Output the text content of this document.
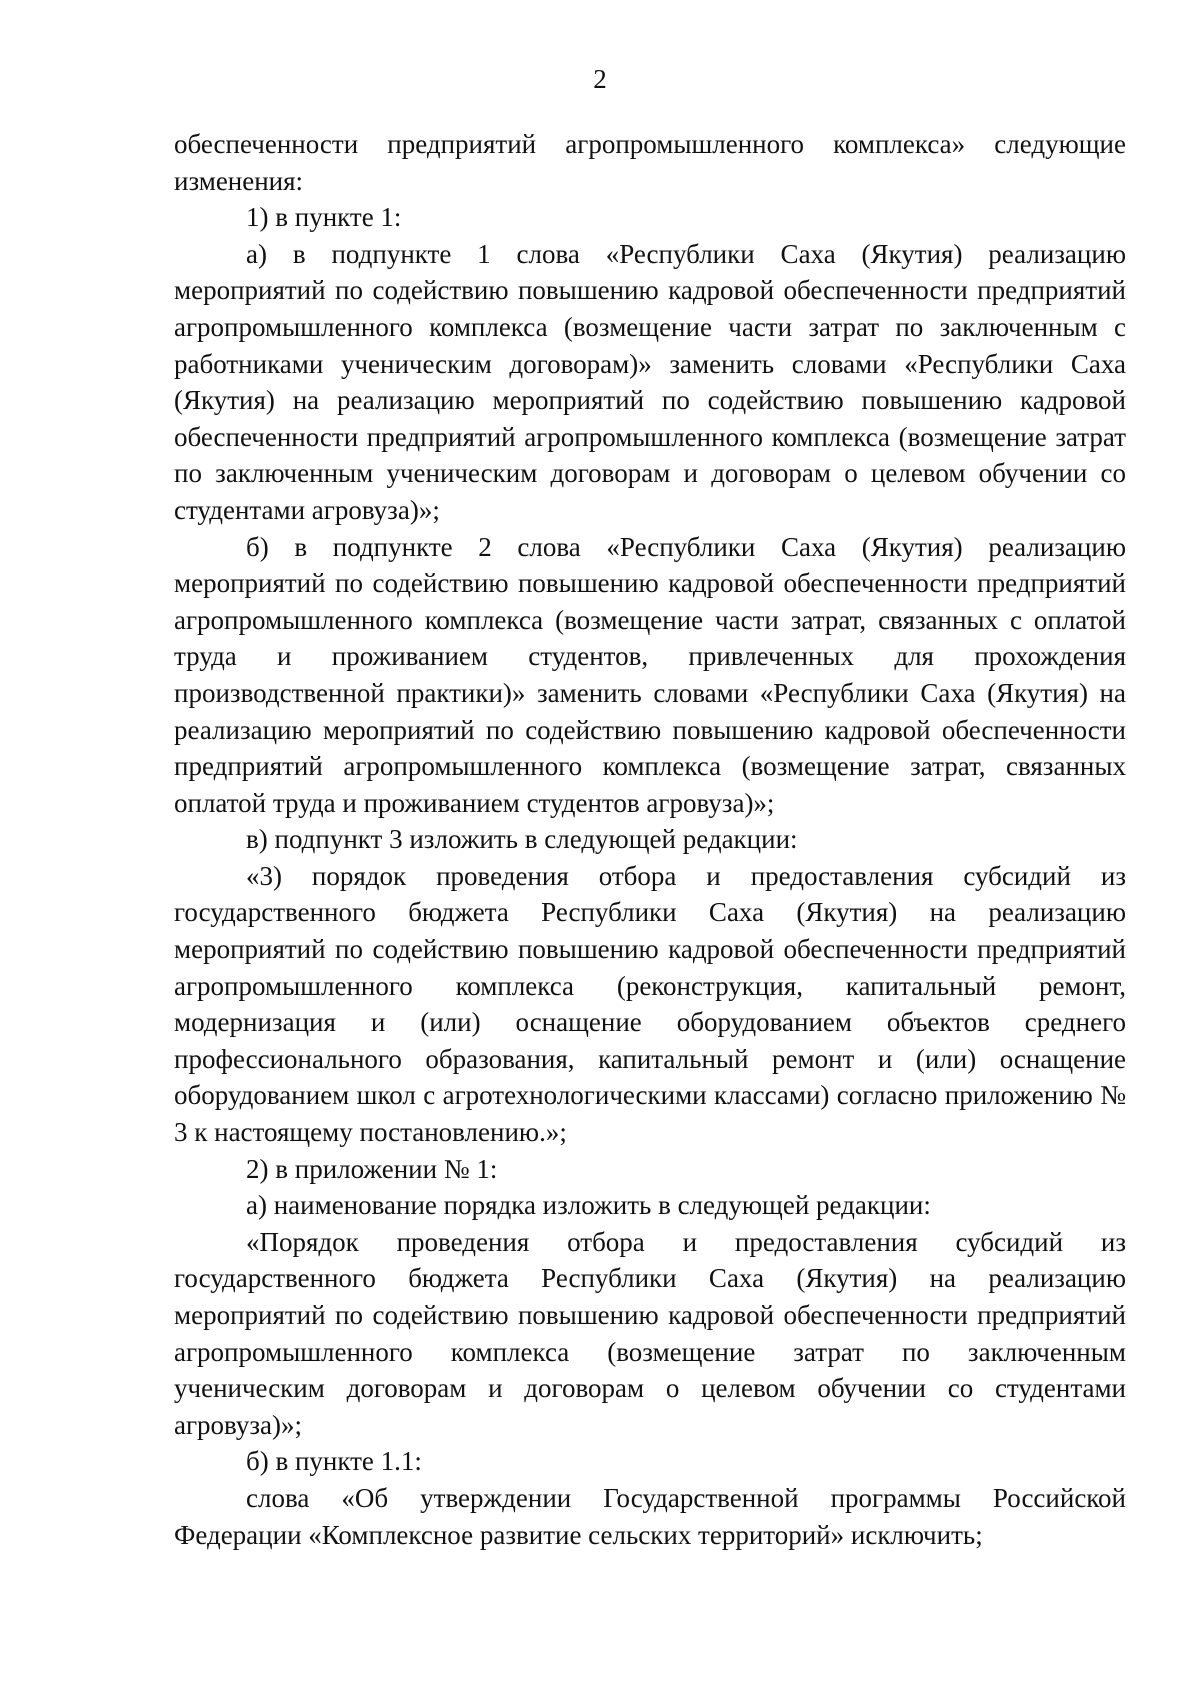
2

обеспеченности предприятий агропромышленного комплекса» следующие изменения:

1) в пункте 1:

а) в подпункте 1 слова «Республики Саха (Якутия) реализацию мероприятий по содействию повышению кадровой обеспеченности предприятий агропромышленного комплекса (возмещение части затрат по заключенным с работниками ученическим договорам)» заменить словами «Республики Саха (Якутия) на реализацию мероприятий по содействию повышению кадровой обеспеченности предприятий агропромышленного комплекса (возмещение затрат по заключенным ученическим договорам и договорам о целевом обучении со студентами агровуза)»;

б) в подпункте 2 слова «Республики Саха (Якутия) реализацию мероприятий по содействию повышению кадровой обеспеченности предприятий агропромышленного комплекса (возмещение части затрат, связанных с оплатой труда и проживанием студентов, привлеченных для прохождения производственной практики)» заменить словами «Республики Саха (Якутия) на реализацию мероприятий по содействию повышению кадровой обеспеченности предприятий агропромышленного комплекса (возмещение затрат, связанных оплатой труда и проживанием студентов агровуза)»;

в) подпункт 3 изложить в следующей редакции:

«3) порядок проведения отбора и предоставления субсидий из государственного бюджета Республики Саха (Якутия) на реализацию мероприятий по содействию повышению кадровой обеспеченности предприятий агропромышленного комплекса (реконструкция, капитальный ремонт, модернизация и (или) оснащение оборудованием объектов среднего профессионального образования, капитальный ремонт и (или) оснащение оборудованием школ с агротехнологическими классами) согласно приложению № 3 к настоящему постановлению.»;

2) в приложении № 1:

а) наименование порядка изложить в следующей редакции:

«Порядок проведения отбора и предоставления субсидий из государственного бюджета Республики Саха (Якутия) на реализацию мероприятий по содействию повышению кадровой обеспеченности предприятий агропромышленного комплекса (возмещение затрат по заключенным ученическим договорам и договорам о целевом обучении со студентами агровуза)»;

б) в пункте 1.1:

слова «Об утверждении Государственной программы Российской Федерации «Комплексное развитие сельских территорий» исключить;
